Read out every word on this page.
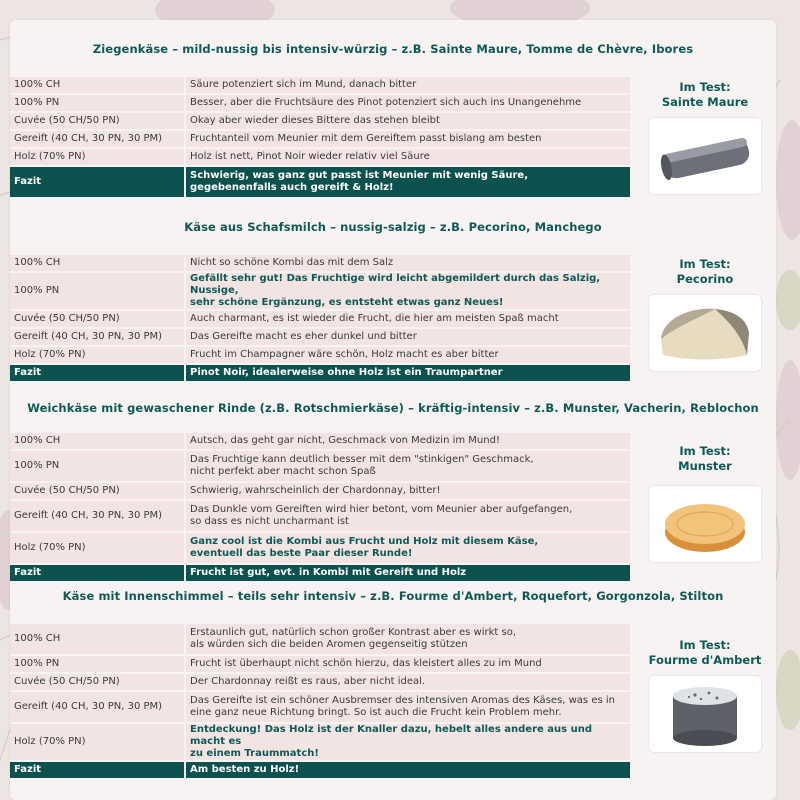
Ziegenkäse – mild-nussig bis intensiv-würzig – z.B. Sainte Maure, Tomme de Chèvre, Ibores
100% CH	Säure potenziert sich im Mund, danach bitter
100% PN	Besser, aber die Fruchtsäure des Pinot potenziert sich auch ins Unangenehme
Cuvée (50 CH/50 PN)	Okay aber wieder dieses Bittere das stehen bleibt
Gereift (40 CH, 30 PN, 30 PM)	Fruchtanteil vom Meunier mit dem Gereiftem passt bislang am besten
Holz (70% PN)	Holz ist nett, Pinot Noir wieder relativ viel Säure
Fazit	Schwierig, was ganz gut passt ist Meunier mit wenig Säure,
gegebenenfalls auch gereift & Holz!
Im Test:
Sainte Maure
Käse aus Schafsmilch – nussig-salzig – z.B. Pecorino, Manchego
100% CH	Nicht so schöne Kombi das mit dem Salz
100% PN	Gefällt sehr gut! Das Fruchtige wird leicht abgemildert durch das Salzig, Nussige,
sehr schöne Ergänzung, es entsteht etwas ganz Neues!
Cuvée (50 CH/50 PN)	Auch charmant, es ist wieder die Frucht, die hier am meisten Spaß macht
Gereift (40 CH, 30 PN, 30 PM)	Das Gereifte macht es eher dunkel und bitter
Holz (70% PN)	Frucht im Champagner wäre schön, Holz macht es aber bitter
Fazit	Pinot Noir, idealerweise ohne Holz ist ein Traumpartner
Im Test:
Pecorino
Weichkäse mit gewaschener Rinde (z.B. Rotschmierkäse) – kräftig-intensiv – z.B. Munster, Vacherin, Reblochon
100% CH	Autsch, das geht gar nicht, Geschmack von Medizin im Mund!
100% PN	Das Fruchtige kann deutlich besser mit dem "stinkigen" Geschmack,
nicht perfekt aber macht schon Spaß
Cuvée (50 CH/50 PN)	Schwierig, wahrscheinlich der Chardonnay, bitter!
Gereift (40 CH, 30 PN, 30 PM)	Das Dunkle vom Gereiften wird hier betont, vom Meunier aber aufgefangen,
so dass es nicht uncharmant ist
Holz (70% PN)	Ganz cool ist die Kombi aus Frucht und Holz mit diesem Käse,
eventuell das beste Paar dieser Runde!
Fazit	Frucht ist gut, evt. in Kombi mit Gereift und Holz
Im Test:
Munster
Käse mit Innenschimmel – teils sehr intensiv – z.B. Fourme d'Ambert, Roquefort, Gorgonzola, Stilton
100% CH	Erstaunlich gut, natürlich schon großer Kontrast aber es wirkt so,
als würden sich die beiden Aromen gegenseitig stützen
100% PN	Frucht ist überhaupt nicht schön hierzu, das kleistert alles zu im Mund
Cuvée (50 CH/50 PN)	Der Chardonnay reißt es raus, aber nicht ideal.
Gereift (40 CH, 30 PN, 30 PM)	Das Gereifte ist ein schöner Ausbremser des intensiven Aromas des Käses, was es in
eine ganz neue Richtung bringt. So ist auch die Frucht kein Problem mehr.
Holz (70% PN)	Entdeckung! Das Holz ist der Knaller dazu, hebelt alles andere aus und macht es
zu einem Traummatch!
Fazit	Am besten zu Holz!
Im Test:
Fourme d'Ambert
